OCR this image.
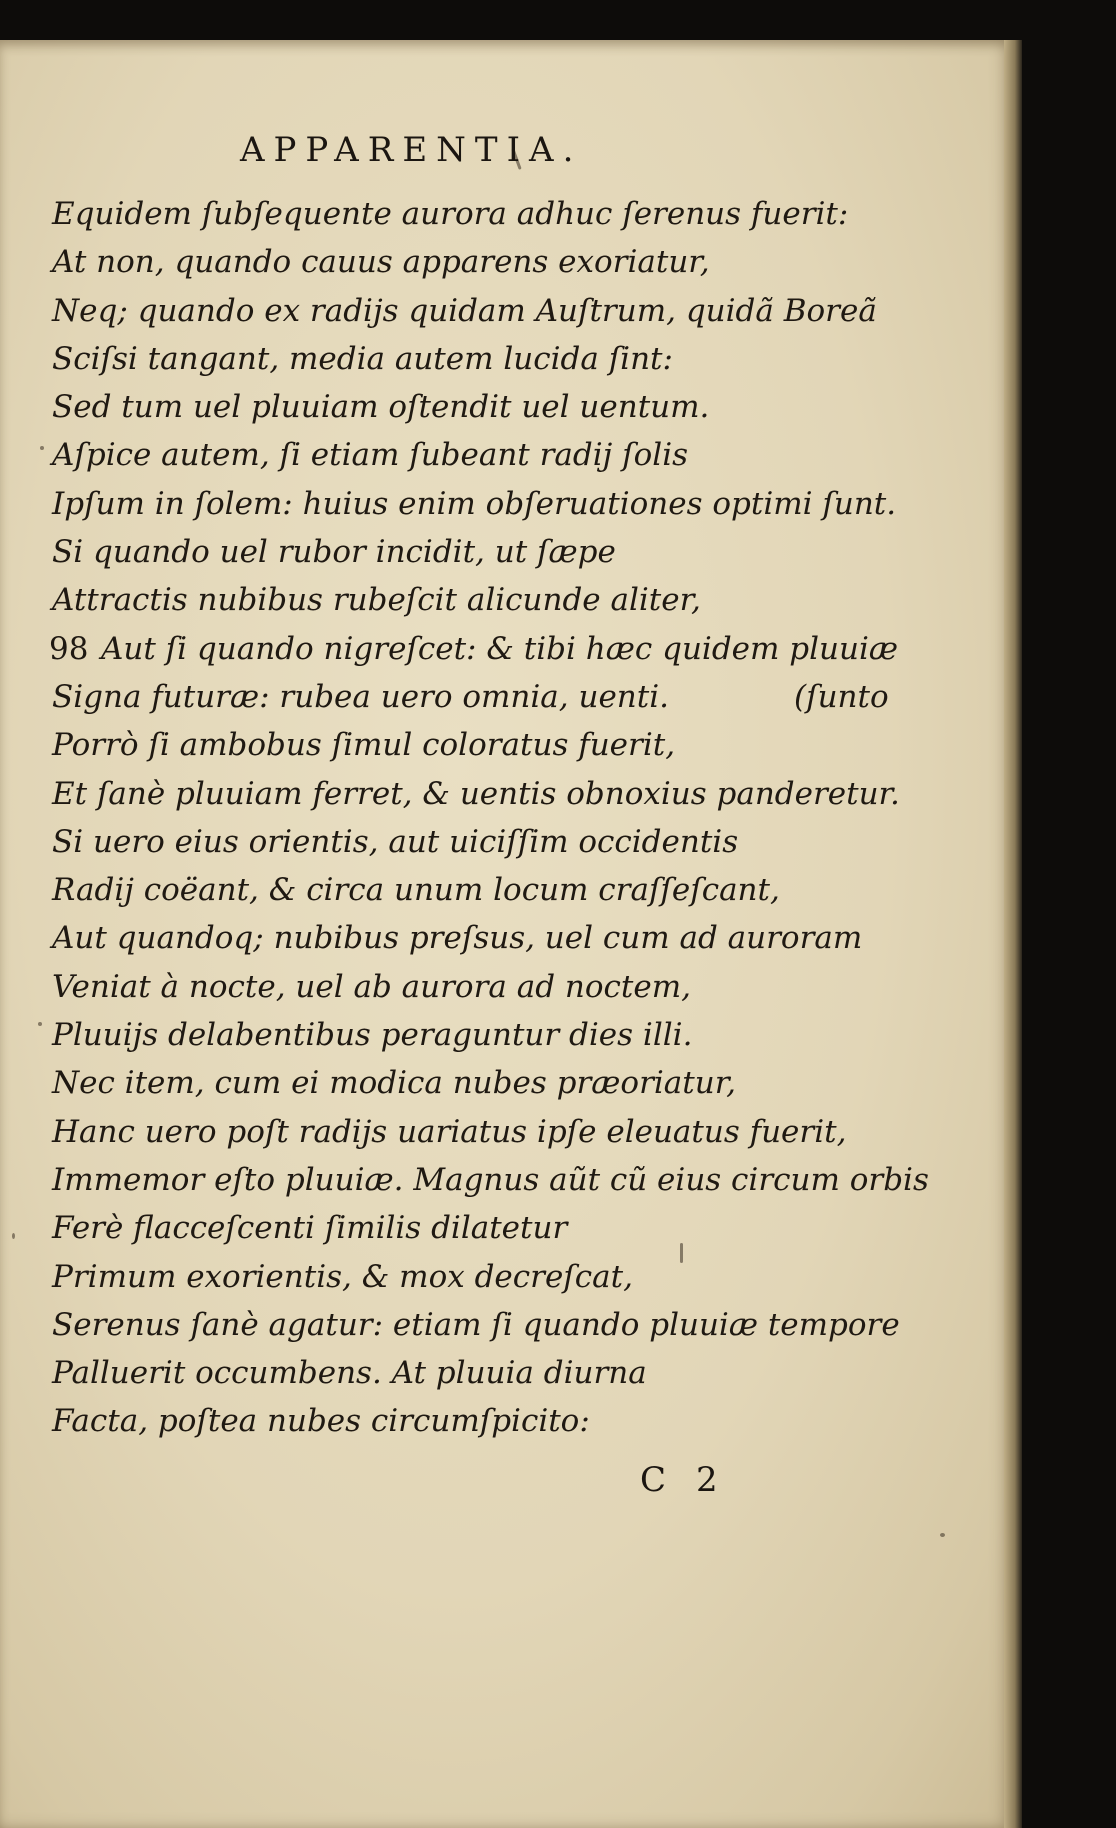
APPARENTIA.

Equidem ſubſequente aurora adhuc ſerenus fuerit:

At non, quando cauus apparens exoriatur,

Neq; quando ex radijs quidam Auſtrum, quidã Boreã

Sciſsi tangant, media autem lucida ſint:

Sed tum uel pluuiam oſtendit uel uentum.

Aſpice autem, ſi etiam ſubeant radij ſolis

Ipſum in ſolem: huius enim obſeruationes optimi ſunt.

Si quando uel rubor incidit, ut ſæpe

Attractis nubibus rubeſcit alicunde aliter,

98 Aut ſi quando nigreſcet: & tibi hæc quidem pluuiæ

Signa futuræ: rubea uero omnia, uenti.	(ſunto

Porrò ſi ambobus ſimul coloratus fuerit,

Et ſanè pluuiam ferret, & uentis obnoxius panderetur.

Si uero eius orientis, aut uiciſſim occidentis

Radij coëant, & circa unum locum craſſeſcant,

Aut quandoq; nubibus preſsus, uel cum ad auroram

Veniat à nocte, uel ab aurora ad noctem,

Pluuijs delabentibus peraguntur dies illi.

Nec item, cum ei modica nubes præoriatur,

Hanc uero poſt radijs uariatus ipſe eleuatus fuerit,

Immemor eſto pluuiæ. Magnus aũt cũ eius circum orbis

Ferè flacceſcenti ſimilis dilatetur

Primum exorientis, & mox decreſcat,

Serenus ſanè agatur: etiam ſi quando pluuiæ tempore

Palluerit occumbens. At pluuia diurna

Facta, poſtea nubes circumſpicito:

C 2
